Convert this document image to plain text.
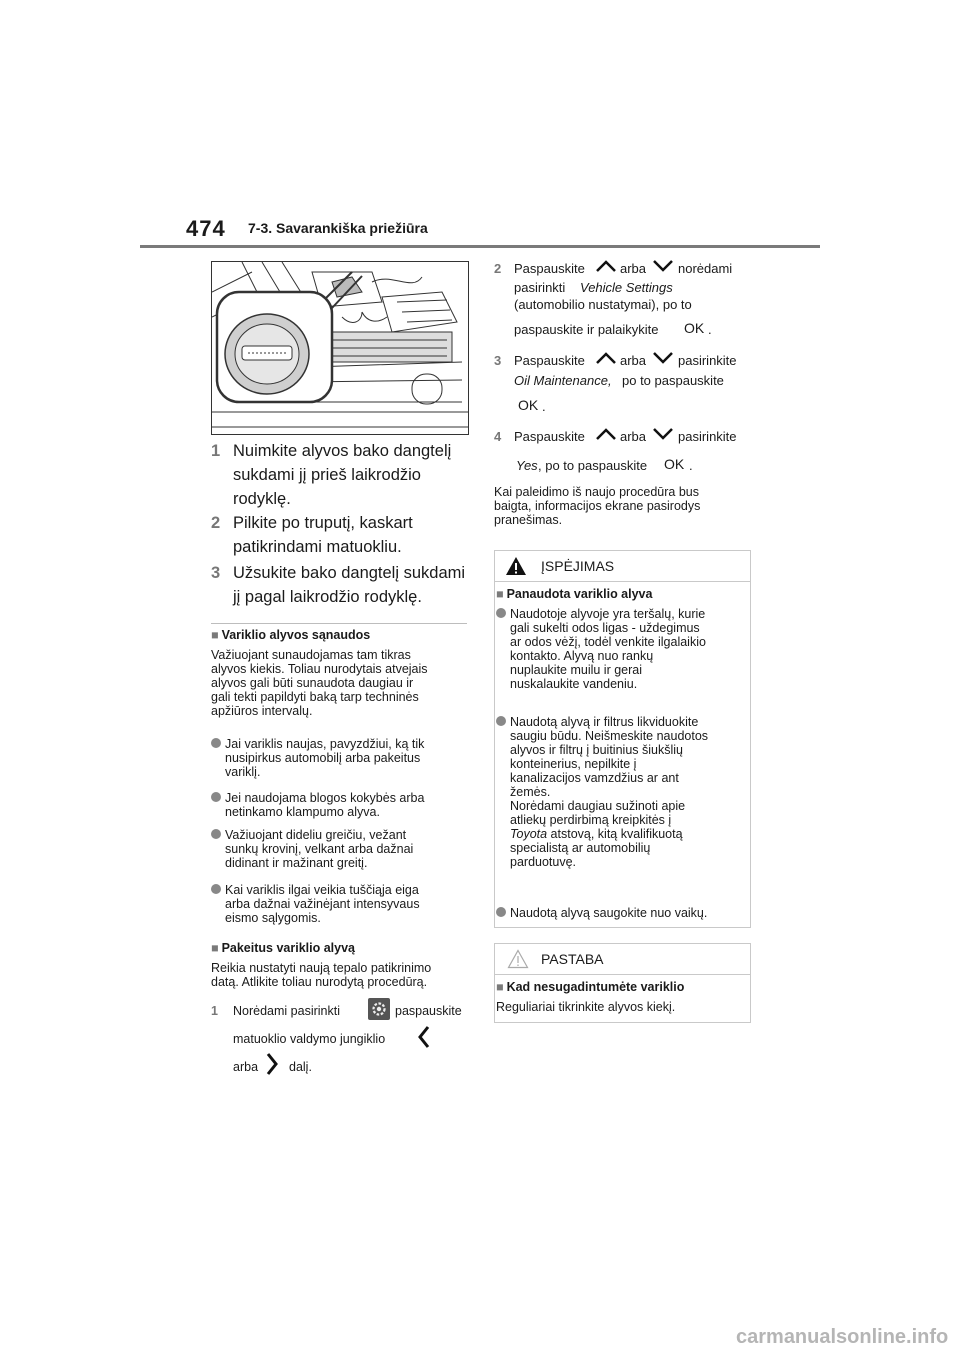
474 7-3. Savarankiška priežiūra
1 Nuimkite alyvos bako dangtelį
sukdami jį prieš laikrodžio
rodyklę.
2 Pilkite po truputį, kaskart
patikrindami matuokliu.
3 Užsukite bako dangtelį sukdami
jį pagal laikrodžio rodyklę.
■ Variklio alyvos sąnaudos
Važiuojant sunaudojamas tam tikras
alyvos kiekis. Toliau nurodytais atvejais
alyvos gali būti sunaudota daugiau ir
gali tekti papildyti baką tarp techninės
apžiūros intervalų.
Jai variklis naujas, pavyzdžiui, ką tik
nusipirkus automobilį arba pakeitus
variklį.
Jei naudojama blogos kokybės arba
netinkamo klampumo alyva.
Važiuojant dideliu greičiu, vežant
sunkų krovinį, velkant arba dažnai
didinant ir mažinant greitį.
Kai variklis ilgai veikia tuščiąja eiga
arba dažnai važinėjant intensyvaus
eismo sąlygomis.
■ Pakeitus variklio alyvą
Reikia nustatyti naują tepalo patikrinimo
datą. Atlikite toliau nurodytą procedūrą.
1 Norėdami pasirinkti	paspauskite
matuoklio valdymo jungiklio
arba dalį.
2 Paspauskite	arba norėdami
pasirinkti Vehicle Settings
(automobilio nustatymai), po to
paspauskite ir palaikykite OK .
3 Paspauskite	arba pasirinkite
Oil Maintenance, po to paspauskite
OK .
4 Paspauskite	arba pasirinkite
Yes , po to paspauskite OK .
Kai paleidimo iš naujo procedūra bus
baigta, informacijos ekrane pasirodys
pranešimas.
ĮSPĖJIMAS
■ Panaudota variklio alyva
Naudotoje alyvoje yra teršalų, kurie
gali sukelti odos ligas - uždegimus
ar odos vėžį, todėl venkite ilgalaikio
kontakto. Alyvą nuo rankų
nuplaukite muilu ir gerai
nuskalaukite vandeniu.
Naudotą alyvą ir filtrus likviduokite
saugiu būdu. Neišmeskite naudotos
alyvos ir filtrų į buitinius šiukšlių
konteinerius, nepilkite į
kanalizacijos vamzdžius ar ant
žemės.
Norėdami daugiau sužinoti apie
atliekų perdirbimą kreipkitės į
Toyota atstovą, kitą kvalifikuotą
specialistą ar automobilių
parduotuvę.
Naudotą alyvą saugokite nuo vaikų.
PASTABA
■ Kad nesugadintumėte variklio
Reguliariai tikrinkite alyvos kiekį.
carmanualsonline.info
